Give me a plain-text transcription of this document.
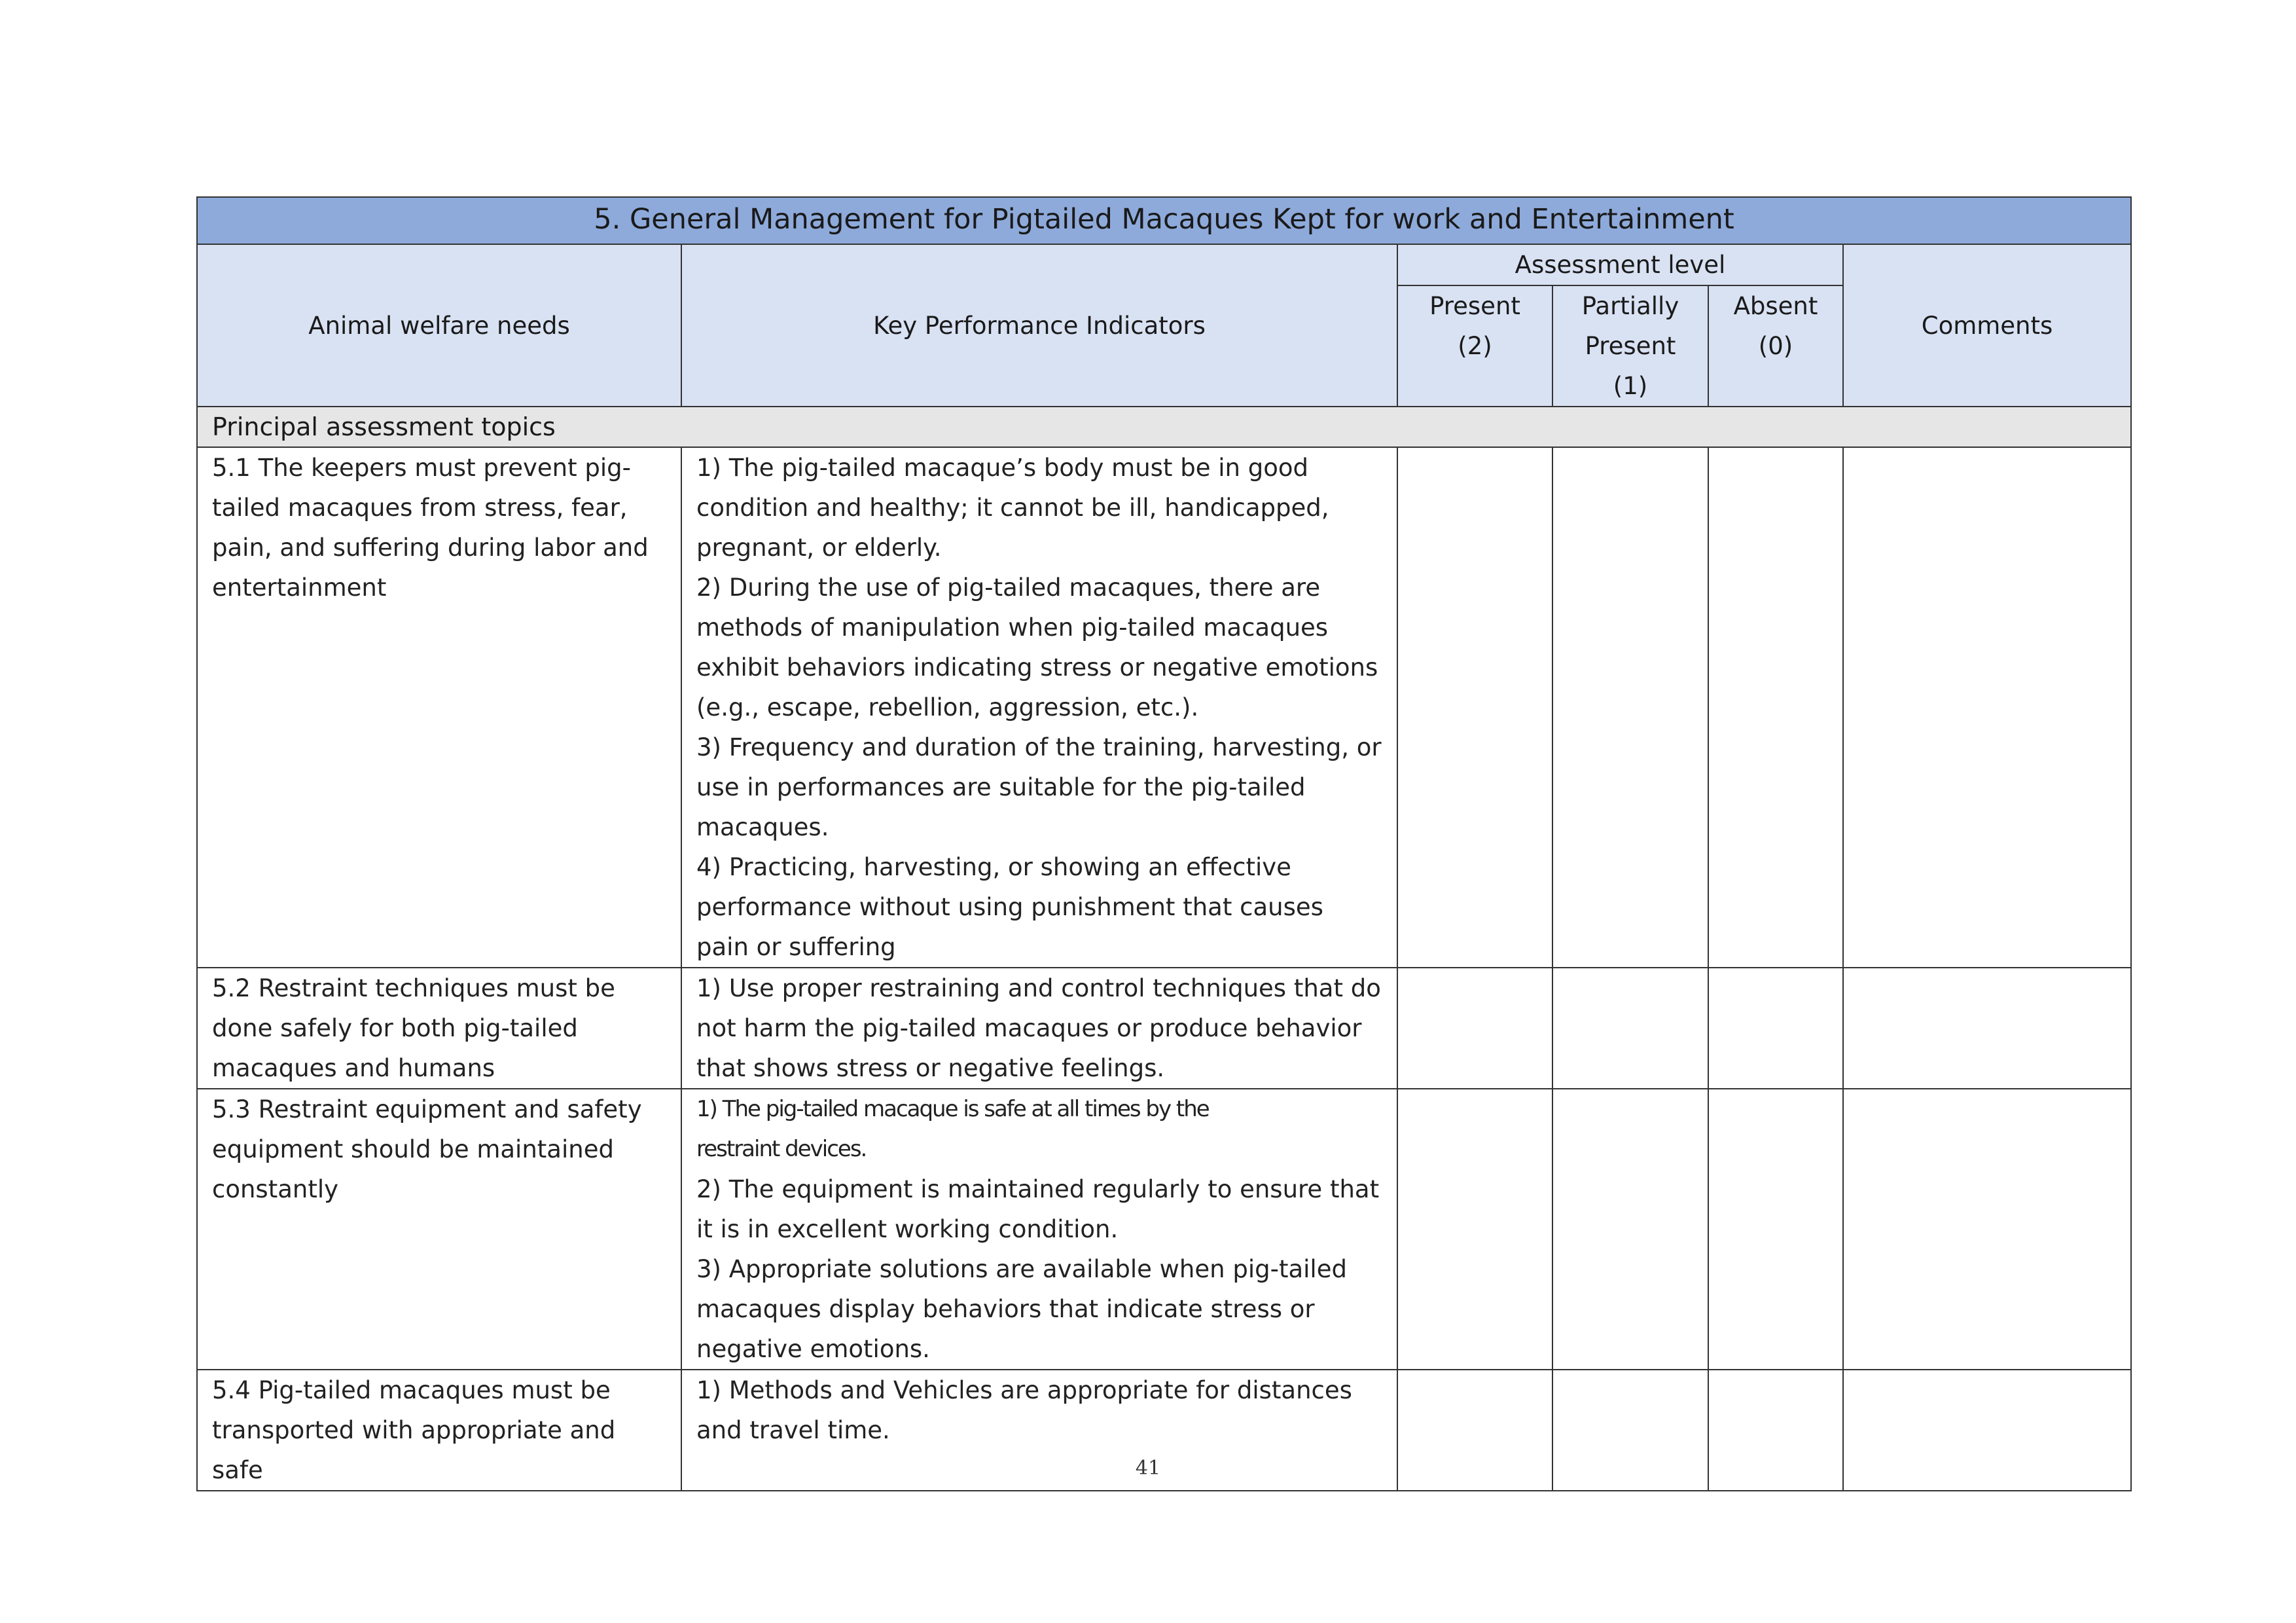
5. General Management for Pigtailed Macaques Kept for work and Entertainment					
Animal welfare needs	Key Performance Indicators	Assessment level			Comments
		Present (2)	Partially Present (1)	Absent (0)	
Principal assessment topics					
5.1 The keepers must prevent pig-tailed macaques from stress, fear, pain, and suffering during labor and entertainment	1) The pig-tailed macaque’s body must be in good condition and healthy; it cannot be ill, handicapped, pregnant, or elderly.
2) During the use of pig-tailed macaques, there are methods of manipulation when pig-tailed macaques exhibit behaviors indicating stress or negative emotions (e.g., escape, rebellion, aggression, etc.).
3) Frequency and duration of the training, harvesting, or use in performances are suitable for the pig-tailed macaques.
4) Practicing, harvesting, or showing an effective performance without using punishment that causes pain or suffering				

5.2 Restraint techniques must be done safely for both pig-tailed macaques and humans	1) Use proper restraining and control techniques that do not harm the pig-tailed macaques or produce behavior that shows stress or negative feelings.				

5.3 Restraint equipment and safety equipment should be maintained constantly	1) The pig-tailed macaque is safe at all times by the
restraint devices.
2) The equipment is maintained regularly to ensure that it is in excellent working condition.
3) Appropriate solutions are available when pig-tailed macaques display behaviors that indicate stress or negative emotions.				

5.4 Pig-tailed macaques must be transported with appropriate and safe	1) Methods and Vehicles are appropriate for distances and travel time.				

41
